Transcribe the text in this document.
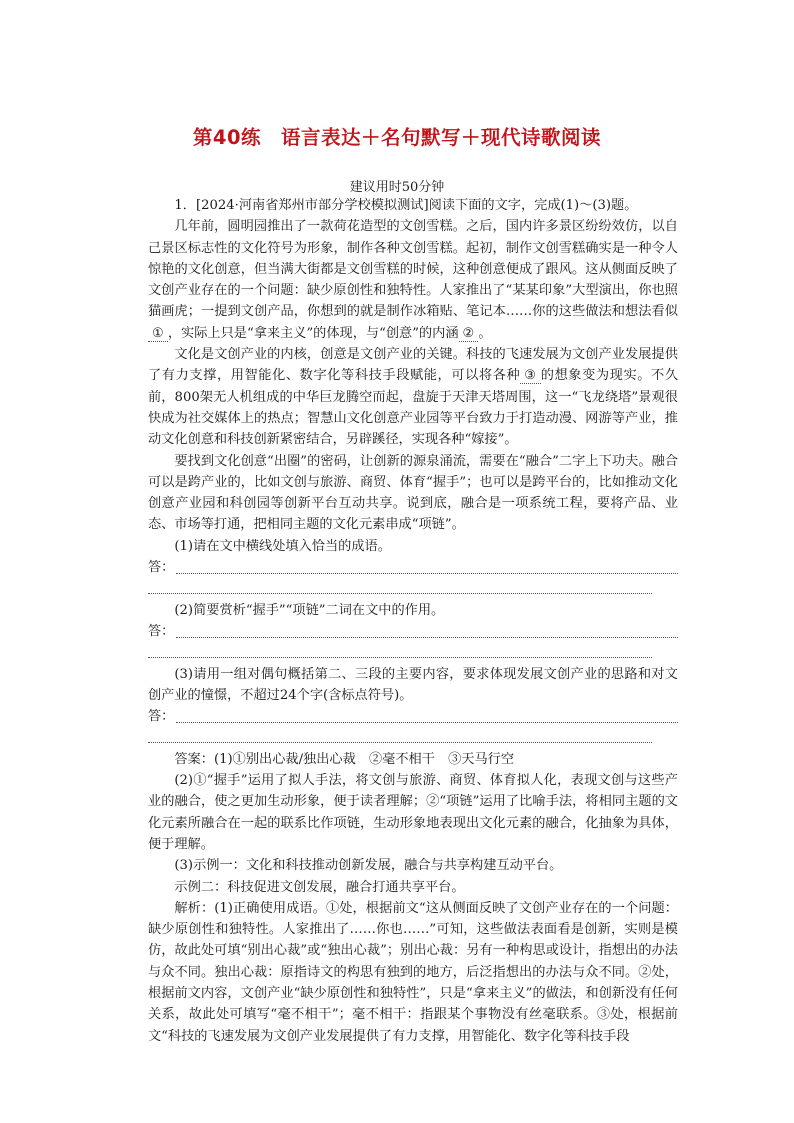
第40练　语言表达＋名句默写＋现代诗歌阅读
建议用时50分钟

1．[2024·河南省郑州市部分学校模拟测试]阅读下面的文字，完成(1)～(3)题。

几年前，圆明园推出了一款荷花造型的文创雪糕。之后，国内许多景区纷纷效仿，以自己景区标志性的文化符号为形象，制作各种文创雪糕。起初，制作文创雪糕确实是一种令人惊艳的文化创意，但当满大街都是文创雪糕的时候，这种创意便成了跟风。这从侧面反映了文创产业存在的一个问题：缺少原创性和独特性。人家推出了“某某印象”大型演出，你也照猫画虎；一提到文创产品，你想到的就是制作冰箱贴、笔记本……你的这些做法和想法看似① ，实际上只是“拿来主义”的体现，与“创意”的内涵 ② 。

文化是文创产业的内核，创意是文创产业的关键。科技的飞速发展为文创产业发展提供了有力支撑，用智能化、数字化等科技手段赋能，可以将各种 ③ 的想象变为现实。不久前，800架无人机组成的中华巨龙腾空而起，盘旋于天津天塔周围，这一“飞龙绕塔”景观很快成为社交媒体上的热点；智慧山文化创意产业园等平台致力于打造动漫、网游等产业，推动文化创意和科技创新紧密结合，另辟蹊径，实现各种“嫁接”。

要找到文化创意“出圈”的密码，让创新的源泉涌流，需要在“融合”二字上下功夫。融合可以是跨产业的，比如文创与旅游、商贸、体育“握手”；也可以是跨平台的，比如推动文化创意产业园和科创园等创新平台互动共享。说到底，融合是一项系统工程，要将产品、业态、市场等打通，把相同主题的文化元素串成“项链”。

(1)请在文中横线处填入恰当的成语。

答：

(2)简要赏析“握手”“项链”二词在文中的作用。

答：

(3)请用一组对偶句概括第二、三段的主要内容，要求体现发展文创产业的思路和对文创产业的憧憬，不超过24个字(含标点符号)。

答：

答案：(1)①别出心裁/独出心裁　②毫不相干　③天马行空

(2)①“握手”运用了拟人手法，将文创与旅游、商贸、体育拟人化，表现文创与这些产业的融合，使之更加生动形象，便于读者理解；②“项链”运用了比喻手法，将相同主题的文化元素所融合在一起的联系比作项链，生动形象地表现出文化元素的融合，化抽象为具体，便于理解。

(3)示例一：文化和科技推动创新发展，融合与共享构建互动平台。

示例二：科技促进文创发展，融合打通共享平台。

解析：(1)正确使用成语。①处，根据前文“这从侧面反映了文创产业存在的一个问题：缺少原创性和独特性。人家推出了……你也……”可知，这些做法表面看是创新，实则是模仿，故此处可填“别出心裁”或“独出心裁”；别出心裁：另有一种构思或设计，指想出的办法与众不同。独出心裁：原指诗文的构思有独到的地方，后泛指想出的办法与众不同。②处，根据前文内容，文创产业“缺少原创性和独特性”，只是“拿来主义”的做法，和创新没有任何关系，故此处可填写“毫不相干”；毫不相干：指跟某个事物没有丝毫联系。③处，根据前文“科技的飞速发展为文创产业发展提供了有力支撑，用智能化、数字化等科技手段
